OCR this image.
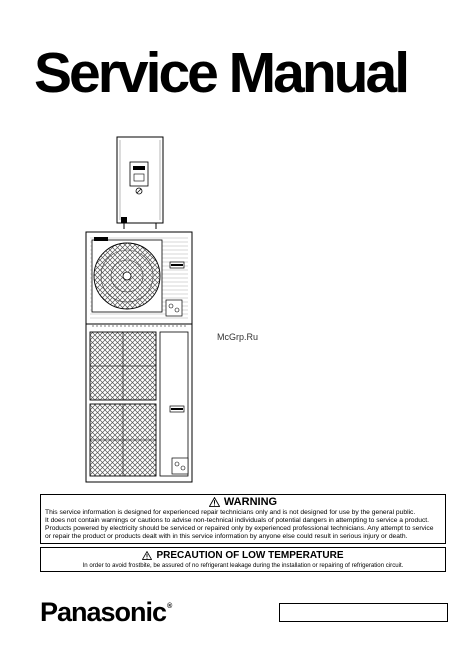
Service Manual
McGrp.Ru
WARNING
This service information is designed for experienced repair technicians only and is not designed for use by the general public.
It does not contain warnings or cautions to advise non-technical individuals of potential dangers in attempting to service a product.
Products powered by electricity should be serviced or repaired only by experienced professional technicians. Any attempt to service
or repair the product or products dealt with in this service information by anyone else could result in serious injury or death.
PRECAUTION OF LOW TEMPERATURE
In order to avoid frostbite, be assured of no refrigerant leakage during the installation or repairing of refrigeration circuit.
Panasonic®
